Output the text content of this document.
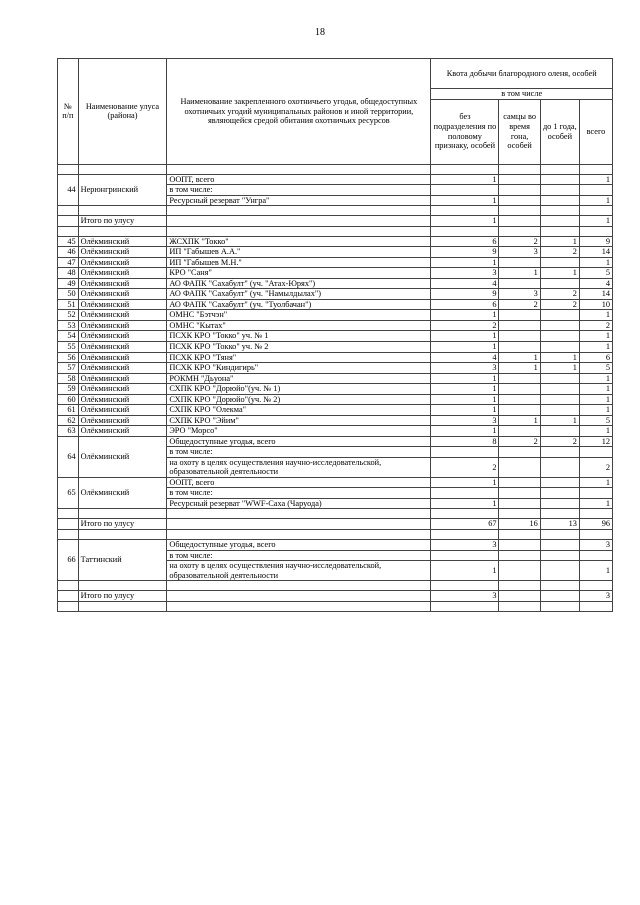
18
№ п/п	Наименование улуса (района)	Наименование закрепленного охотничьего угодья, общедоступных охотничьих угодий муниципальных районов и иной территории, являющейся средой обитания охотничьих ресурсов	Квота добычи благородного оленя, особей			
			в том числе			
			без подразделения по половому признаку, особей	самцы во время гона, особей	до 1 года, особей	всего

44	Нерюнгринский	ООПТ, всего	1			1
		в том числе:				
		Ресурсный резерват "Унгра"	1			1

	Итого по улусу		1			1

45	Олёкминский	ЖСХПК "Токко"	6	2	1	9
46	Олёкминский	ИП "Габышев А.А."	9	3	2	14
47	Олёкминский	ИП "Габышев М.Н."	1			1
48	Олёкминский	КРО "Саня"	3	1	1	5
49	Олёкминский	АО ФАПК "Сахабулт" (уч. "Атах-Юрях")	4			4
50	Олёкминский	АО ФАПК "Сахабулт" (уч. "Намылдылах")	9	3	2	14
51	Олёкминский	АО ФАПК "Сахабулт" (уч. "Туолбачан")	6	2	2	10
52	Олёкминский	ОМНС "Бэтчэн"	1			1
53	Олёкминский	ОМНС "Кытах"	2			2
54	Олёкминский	ПСХК КРО "Токко" уч. № 1	1			1
55	Олёкминский	ПСХК КРО "Токко" уч. № 2	1			1
56	Олёкминский	ПСХК КРО "Тяня"	4	1	1	6
57	Олёкминский	ПСХК КРО "Киндигирь"	3	1	1	5
58	Олёкминский	РОКМН "Дьуона"	1			1
59	Олёкминский	СХПК КРО "Дорюйо"(уч. № 1)	1			1
60	Олёкминский	СХПК КРО "Дорюйо"(уч. № 2)	1			1
61	Олёкминский	СХПК КРО "Олекма"	1			1
62	Олёкминский	СХПК КРО "Эйим"	3	1	1	5
63	Олёкминский	ЭРО "Морсо"	1			1
64	Олёкминский	Общедоступные угодья, всего	8	2	2	12
		в том числе:				
		на охоту в целях осуществления научно-исследовательской, образовательной деятельности	2			2
65	Олёкминский	ООПТ, всего	1			1
		в том числе:				
		Ресурсный резерват "WWF-Саха (Чаруода)	1			1

	Итого по улусу		67	16	13	96

66	Таттинский	Общедоступные угодья, всего	3			3
		в том числе:				
		на охоту в целях осуществления научно-исследовательской, образовательной деятельности	1			1

	Итого по улусу		3			3
